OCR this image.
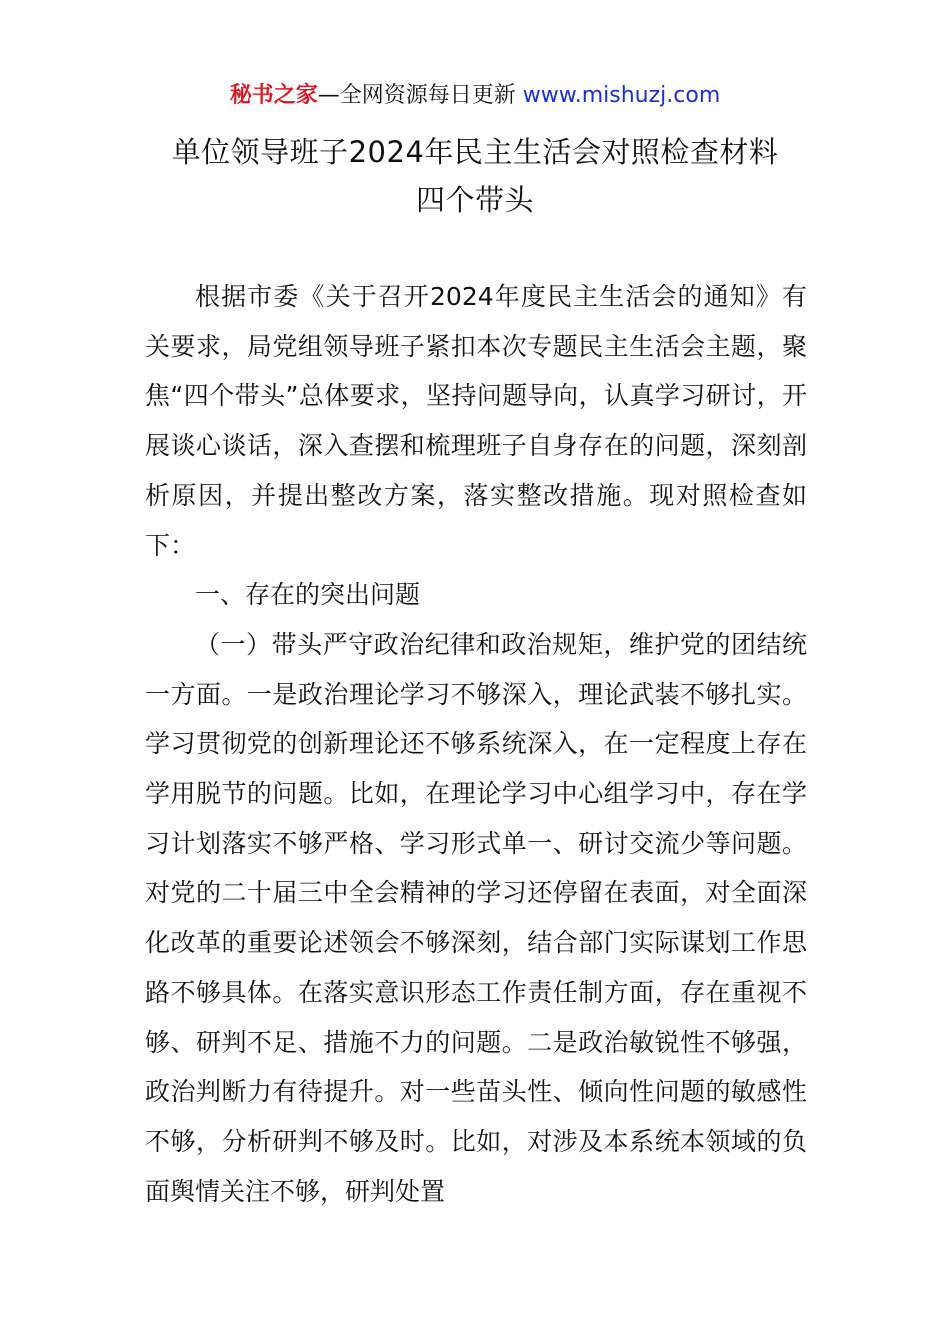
秘书之家—全网资源每日更新 www.mishuzj.com
单位领导班子2024年民主生活会对照检查材料
四个带头

根据市委《关于召开2024年度民主生活会的通知》有关要求，局党组领导班子紧扣本次专题民主生活会主题，聚焦“四个带头”总体要求，坚持问题导向，认真学习研讨，开展谈心谈话，深入查摆和梳理班子自身存在的问题，深刻剖析原因，并提出整改方案，落实整改措施。现对照检查如下：

一、存在的突出问题

（一）带头严守政治纪律和政治规矩，维护党的团结统一方面。一是政治理论学习不够深入，理论武装不够扎实。学习贯彻党的创新理论还不够系统深入，在一定程度上存在学用脱节的问题。比如，在理论学习中心组学习中，存在学习计划落实不够严格、学习形式单一、研讨交流少等问题。对党的二十届三中全会精神的学习还停留在表面，对全面深化改革的重要论述领会不够深刻，结合部门实际谋划工作思路不够具体。在落实意识形态工作责任制方面，存在重视不够、研判不足、措施不力的问题。二是政治敏锐性不够强，政治判断力有待提升。对一些苗头性、倾向性问题的敏感性不够，分析研判不够及时。比如，对涉及本系统本领域的负面舆情关注不够，研判处置
